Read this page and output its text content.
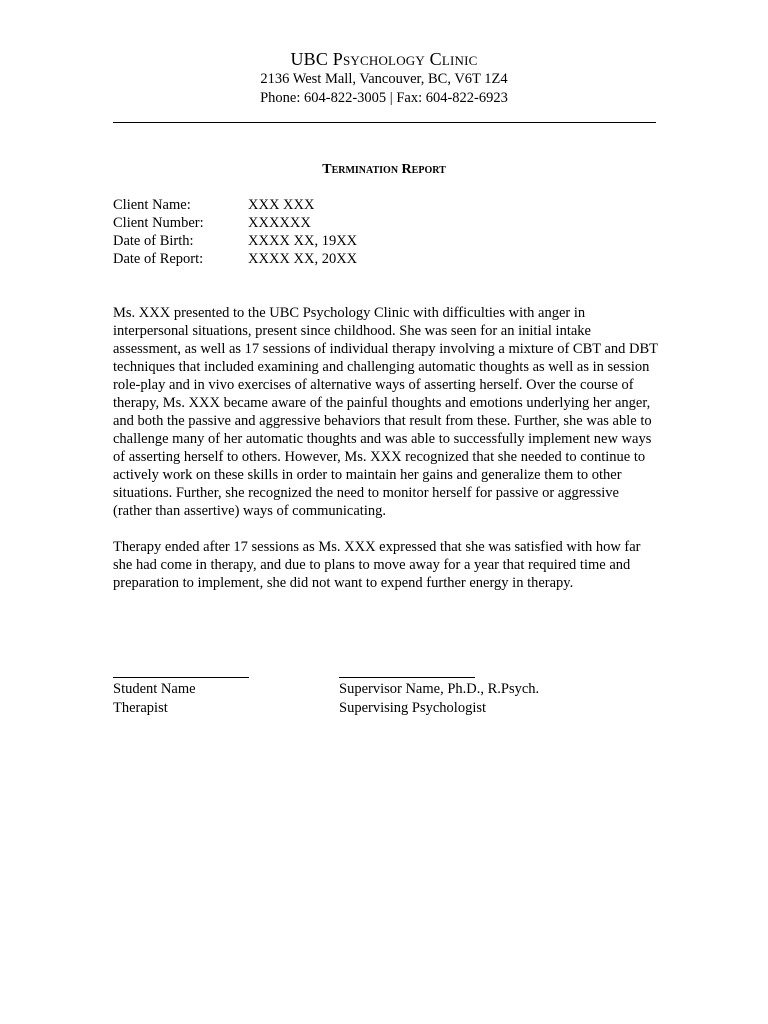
UBC Psychology Clinic
2136 West Mall, Vancouver, BC, V6T 1Z4
Phone: 604-822-3005 | Fax: 604-822-6923
Termination Report
Client Name:	XXX XXX
Client Number:	XXXXXX
Date of Birth:	XXXX XX, 19XX
Date of Report:	XXXX XX, 20XX

Ms. XXX presented to the UBC Psychology Clinic with difficulties with anger in interpersonal situations, present since childhood. She was seen for an initial intake assessment, as well as 17 sessions of individual therapy involving a mixture of CBT and DBT techniques that included examining and challenging automatic thoughts as well as in session role-play and in vivo exercises of alternative ways of asserting herself. Over the course of therapy, Ms. XXX became aware of the painful thoughts and emotions underlying her anger, and both the passive and aggressive behaviors that result from these. Further, she was able to challenge many of her automatic thoughts and was able to successfully implement new ways of asserting herself to others. However, Ms. XXX recognized that she needed to continue to actively work on these skills in order to maintain her gains and generalize them to other situations. Further, she recognized the need to monitor herself for passive or aggressive (rather than assertive) ways of communicating.

Therapy ended after 17 sessions as Ms. XXX expressed that she was satisfied with how far she had come in therapy, and due to plans to move away for a year that required time and preparation to implement, she did not want to expend further energy in therapy.

Student Name
Therapist
Supervisor Name, Ph.D., R.Psych.
Supervising Psychologist
